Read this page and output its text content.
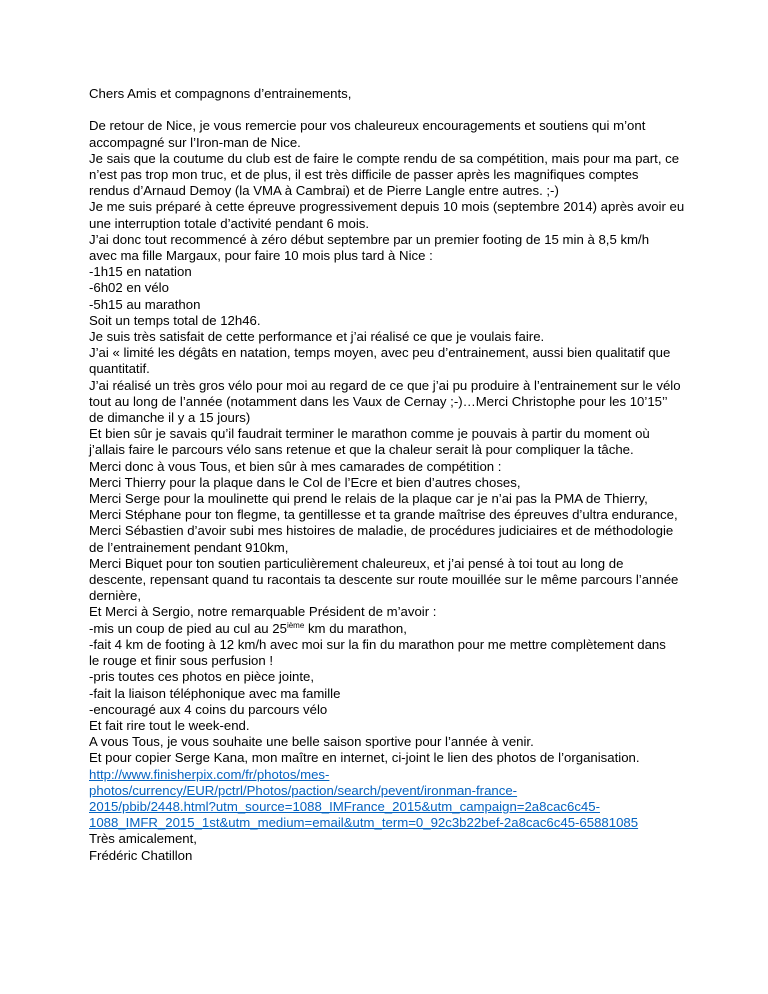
Chers Amis et compagnons d’entrainements,

De retour de Nice, je vous remercie pour vos chaleureux encouragements et soutiens qui m’ont

accompagné sur l’Iron-man de Nice.

Je sais que la coutume du club est de faire le compte rendu de sa compétition, mais pour ma part, ce

n’est pas trop mon truc, et de plus, il est très difficile de passer après les magnifiques comptes

rendus d’Arnaud Demoy (la VMA à Cambrai) et de Pierre Langle entre autres. ;-)

Je me suis préparé à cette épreuve progressivement depuis 10 mois (septembre 2014) après avoir eu

une interruption totale d’activité pendant 6 mois.

J’ai donc tout recommencé à zéro début septembre par un premier footing de 15 min à 8,5 km/h

avec ma fille Margaux, pour faire 10 mois plus tard à Nice :

-1h15 en natation

-6h02 en vélo

-5h15 au marathon

Soit un temps total de 12h46.

Je suis très satisfait de cette performance et j’ai réalisé ce que je voulais faire.

J’ai « limité les dégâts en natation, temps moyen, avec peu d’entrainement, aussi bien qualitatif que

quantitatif.

J’ai réalisé un très gros vélo pour moi au regard de ce que j’ai pu produire à l’entrainement sur le vélo

tout au long de l’année (notamment dans les Vaux de Cernay ;-)…Merci Christophe pour les 10’15’’

de dimanche il y a 15 jours)

Et bien sûr je savais qu’il faudrait terminer le marathon comme je pouvais à partir du moment où

j’allais faire le parcours vélo sans retenue et que la chaleur serait là pour compliquer la tâche.

Merci donc à vous Tous, et bien sûr à mes camarades de compétition :

Merci Thierry pour la plaque dans le Col de l’Ecre et bien d’autres choses,

Merci Serge pour la moulinette qui prend le relais de la plaque car je n’ai pas la PMA de Thierry,

Merci Stéphane pour ton flegme, ta gentillesse et ta grande maîtrise des épreuves d’ultra endurance,

Merci Sébastien d’avoir subi mes histoires de maladie, de procédures judiciaires et de méthodologie

de l’entrainement pendant 910km,

Merci Biquet pour ton soutien particulièrement chaleureux, et j’ai pensé à toi tout au long de

descente, repensant quand tu racontais ta descente sur route mouillée sur le même parcours l’année

dernière,

Et Merci à Sergio, notre remarquable Président de m’avoir :

-mis un coup de pied au cul au 25ième km du marathon,

-fait 4 km de footing à 12 km/h avec moi sur la fin du marathon pour me mettre complètement dans

le rouge et finir sous perfusion !

-pris toutes ces photos en pièce jointe,

-fait la liaison téléphonique avec ma famille

-encouragé aux 4 coins du parcours vélo

Et fait rire tout le week-end.

A vous Tous, je vous souhaite une belle saison sportive pour l’année à venir.

Et pour copier Serge Kana, mon maître en internet, ci-joint le lien des photos de l’organisation.

http://www.finisherpix.com/fr/photos/mes-

photos/currency/EUR/pctrl/Photos/paction/search/pevent/ironman-france-

2015/pbib/2448.html?utm_source=1088_IMFrance_2015&utm_campaign=2a8cac6c45-

1088_IMFR_2015_1st&utm_medium=email&utm_term=0_92c3b22bef-2a8cac6c45-65881085

Très amicalement,

Frédéric Chatillon
